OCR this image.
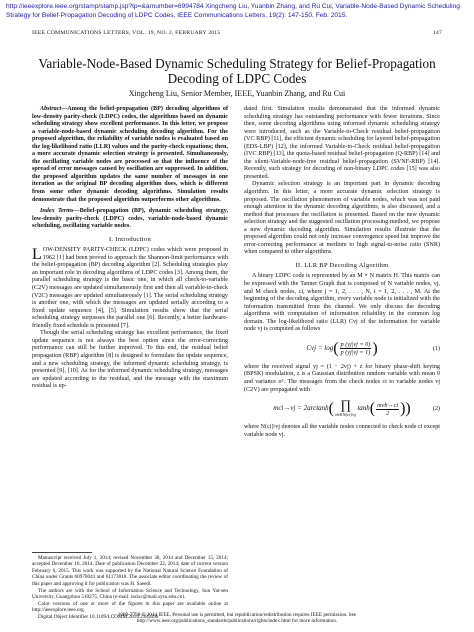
http://ieeexplore.ieee.org/stamp/stamp.jsp?tp=&arnumber=6994784 Xingcheng Liu, Yuanbin Zhang, and Ru Cui, Variable-Node-Based Dynamic Scheduling Strategy for Belief-Propagation Decoding of LDPC Codes, IEEE Communications Letters, 19(2): 147-150, Feb. 2015.
IEEE COMMUNICATIONS LETTERS, VOL. 19, NO. 2, FEBRUARY 2015	147
Variable-Node-Based Dynamic Scheduling Strategy for Belief-Propagation Decoding of LDPC Codes
Xingcheng Liu, Senior Member, IEEE, Yuanbin Zhang, and Ru Cui

Abstract—Among the belief-propagation (BP) decoding algorithms of low-density parity-check (LDPC) codes, the algorithms based on dynamic scheduling strategy show excellent performance. In this letter, we propose a variable-node-based dynamic scheduling decoding algorithm. For the proposed algorithm, the reliability of variable nodes is evaluated based on the log-likelihood ratio (LLR) values and the parity-check equations; then, a more accurate dynamic selection strategy is presented. Simultaneously, the oscillating variable nodes are processed so that the influence of the spread of error messages caused by oscillation are suppressed. In addition, the proposed algorithm updates the same number of messages in one iteration as the original BP decoding algorithm does, which is different from some other dynamic decoding algorithms. Simulation results demonstrate that the proposed algorithm outperforms other algorithms.

Index Terms—Belief-propagation (BP), dynamic scheduling strategy, low-density parity-check (LDPC) codes, variable-node-based dynamic scheduling, oscillating variable nodes.

I. Introduction

LOW-DENSITY PARITY-CHECK (LDPC) codes which were proposed in 1962 [1] had been proved to approach the Shannon-limit performance with the belief-propagation (BP) decoding algorithm [2]. Scheduling strategies play an important role in decoding algorithms of LDPC codes [3]. Among them, the parallel scheduling strategy is the basic one, in which all check-to-variable (C2V) messages are updated simultaneously first and then all variable-to-check (V2C) messages are updated simultaneously [1]. The serial scheduling strategy is another one, with which the messages are updated serially according to a fixed update sequence [4], [5]. Simulation results show that the serial scheduling strategy surpasses the parallel one [6]. Recently, a better hardware-friendly fixed schedule is presented [7].

Though the serial scheduling strategy has excellent performance, the fixed update sequence is not always the best option since the error-correcting performance can still be further improved. To this end, the residual belief propagation (RBP) algorithm [8] is designed to formulate the update sequence, and a new scheduling strategy, the informed dynamic scheduling strategy, is presented [9], [10]. As for the informed dynamic scheduling strategy, messages are updated according to the residual, and the message with the maximum residual is up-

Manuscript received July 1, 2014; revised November 30, 2014 and December 15, 2014; accepted December 16, 2014. Date of publication December 22, 2014; date of current version February 6, 2015. This work was supported by the National Natural Science Foundation of China under Grants 60970041 and 61173018. The associate editor coordinating the review of this paper and approving it for publication was H. Saeedi.

The authors are with the School of Information Science and Technology, Sun Yat-sen University, Guangzhou 510275, China (e-mail: isslxc@mail.sysu.edu.cn).

Color versions of one or more of the figures in this paper are available online at http://ieeexplore.ieee.org.

Digital Object Identifier 10.1109/LCOMM.2014.2385096

dated first. Simulation results demonstrated that the informed dynamic scheduling strategy has outstanding performance with fewer iterations. Since then, some decoding algorithms using informed dynamic scheduling strategy were introduced, such as the Variable-to-Check residual belief-propagation (VC RBP) [11], the efficient dynamic scheduling for layered belief-propagation (EDS-LBP) [12], the informed Variable-to-Check residual belief-propagation (IVC RBP) [13], the quota-based residual belief-propagation (Q-RBP) [14] and the silent-Variable-node-free residual belief-propagation (SVNF-RBP) [14]. Recently, such strategy for decoding of non-binary LDPC codes [15] was also presented.

Dynamic selection strategy is an important part in dynamic decoding algorithm. In this letter, a more accurate dynamic selection strategy is proposed. The oscillation phenomenon of variable nodes, which was not paid enough attention in the dynamic decoding algorithms, is also discussed, and a method that processes the oscillation is presented. Based on the new dynamic selection strategy and the suggested oscillation processing method, we propose a new dynamic decoding algorithm. Simulation results illustrate that the proposed algorithm could not only increase convergence speed but improve the error-correcting performance at medium to high signal-to-noise ratio (SNR) when compared to other algorithms.

II. LLR BP Decoding Algorithm

A binary LDPC code is represented by an M × N matrix H. This matrix can be expressed with the Tanner Graph that is composed of N variable nodes, vj, and M check nodes, ci, where j = 1, 2, . . . , N, i = 1, 2, . . . , M. At the beginning of the decoding algorithm, every variable node is initialized with the information transmitted from the channel. We only discuss the decoding algorithms with computation of information reliability in the common log domain. The log-likelihood ratio (LLR) Cvj of the information for variable node vj is computed as follows

Cvj = log ( $\frac{p (yj|vj = 0)}{p (yj|vj = 1)}$ )	(1)

where the received signal yj = (1 − 2vj) + z for binary phase-shift keying (BPSK) modulation, z is a Gaussian distribution random variable with mean 0 and variance σ². The messages from the check nodes ci to variable nodes vj (C2V) are propagated with

mci→vj = 2arctanh ( ∏
vb∈N(ci)\vj
tanh ( $\frac{\text{mvb→ci}}{2}$ ) )	(2)

where N(ci)\vj denotes all the variable nodes connected to check node ci except variable node vj.

1089-7798 © 2014 IEEE. Personal use is permitted, but republication/redistribution requires IEEE permission. See http://www.ieee.org/publications_standards/publications/rights/index.html for more information.
